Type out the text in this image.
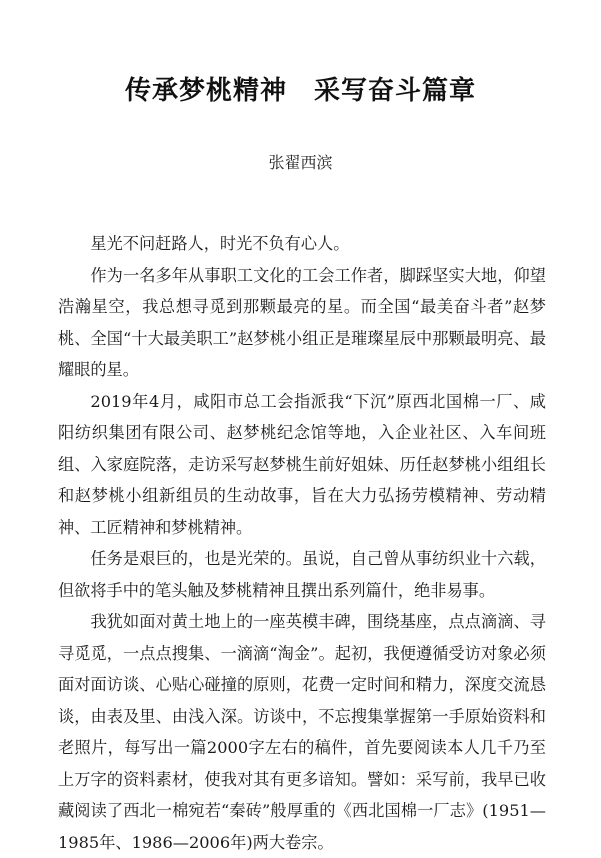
传承梦桃精神　采写奋斗篇章
张翟西滨

星光不问赶路人，时光不负有心人。

作为一名多年从事职工文化的工会工作者，脚踩坚实大地，仰望浩瀚星空，我总想寻觅到那颗最亮的星。而全国“最美奋斗者”赵梦桃、全国“十大最美职工”赵梦桃小组正是璀璨星辰中那颗最明亮、最耀眼的星。

2019年4月，咸阳市总工会指派我“下沉”原西北国棉一厂、咸阳纺织集团有限公司、赵梦桃纪念馆等地，入企业社区、入车间班组、入家庭院落，走访采写赵梦桃生前好姐妹、历任赵梦桃小组组长和赵梦桃小组新组员的生动故事，旨在大力弘扬劳模精神、劳动精神、工匠精神和梦桃精神。

任务是艰巨的，也是光荣的。虽说，自己曾从事纺织业十六载，但欲将手中的笔头触及梦桃精神且撰出系列篇什，绝非易事。

我犹如面对黄土地上的一座英模丰碑，围绕基座，点点滴滴、寻寻觅觅，一点点搜集、一滴滴“淘金”。起初，我便遵循受访对象必须面对面访谈、心贴心碰撞的原则，花费一定时间和精力，深度交流恳谈，由表及里、由浅入深。访谈中，不忘搜集掌握第一手原始资料和老照片，每写出一篇2000字左右的稿件，首先要阅读本人几千乃至上万字的资料素材，使我对其有更多谙知。譬如：采写前，我早已收藏阅读了西北一棉宛若“秦砖”般厚重的《西北国棉一厂志》(1951—1985年、1986—2006年)两大卷宗。
